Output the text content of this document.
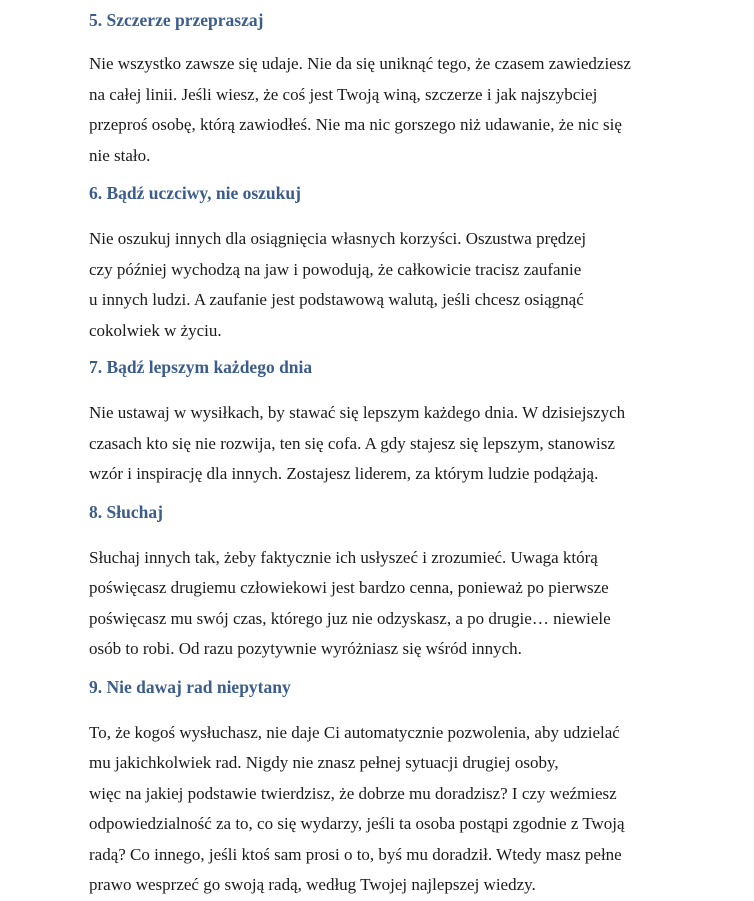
5. Szczerze przepraszaj

Nie wszystko zawsze się udaje. Nie da się uniknąć tego, że czasem zawiedziesz
na całej linii. Jeśli wiesz, że coś jest Twoją winą, szczerze i jak najszybciej
przeproś osobę, którą zawiodłeś. Nie ma nic gorszego niż udawanie, że nic się
nie stało.

6. Bądź uczciwy, nie oszukuj

Nie oszukuj innych dla osiągnięcia własnych korzyści. Oszustwa prędzej
czy później wychodzą na jaw i powodują, że całkowicie tracisz zaufanie
u innych ludzi. A zaufanie jest podstawową walutą, jeśli chcesz osiągnąć
cokolwiek w życiu.

7. Bądź lepszym każdego dnia

Nie ustawaj w wysiłkach, by stawać się lepszym każdego dnia. W dzisiejszych
czasach kto się nie rozwija, ten się cofa. A gdy stajesz się lepszym, stanowisz
wzór i inspirację dla innych. Zostajesz liderem, za którym ludzie podążają.

8. Słuchaj

Słuchaj innych tak, żeby faktycznie ich usłyszeć i zrozumieć. Uwaga którą
poświęcasz drugiemu człowiekowi jest bardzo cenna, ponieważ po pierwsze
poświęcasz mu swój czas, którego juz nie odzyskasz, a po drugie… niewiele
osób to robi. Od razu pozytywnie wyróżniasz się wśród innych.

9. Nie dawaj rad niepytany

To, że kogoś wysłuchasz, nie daje Ci automatycznie pozwolenia, aby udzielać
mu jakichkolwiek rad. Nigdy nie znasz pełnej sytuacji drugiej osoby,
więc na jakiej podstawie twierdzisz, że dobrze mu doradzisz? I czy weźmiesz
odpowiedzialność za to, co się wydarzy, jeśli ta osoba postąpi zgodnie z Twoją
radą? Co innego, jeśli ktoś sam prosi o to, byś mu doradził. Wtedy masz pełne
prawo wesprzeć go swoją radą, według Twojej najlepszej wiedzy.
